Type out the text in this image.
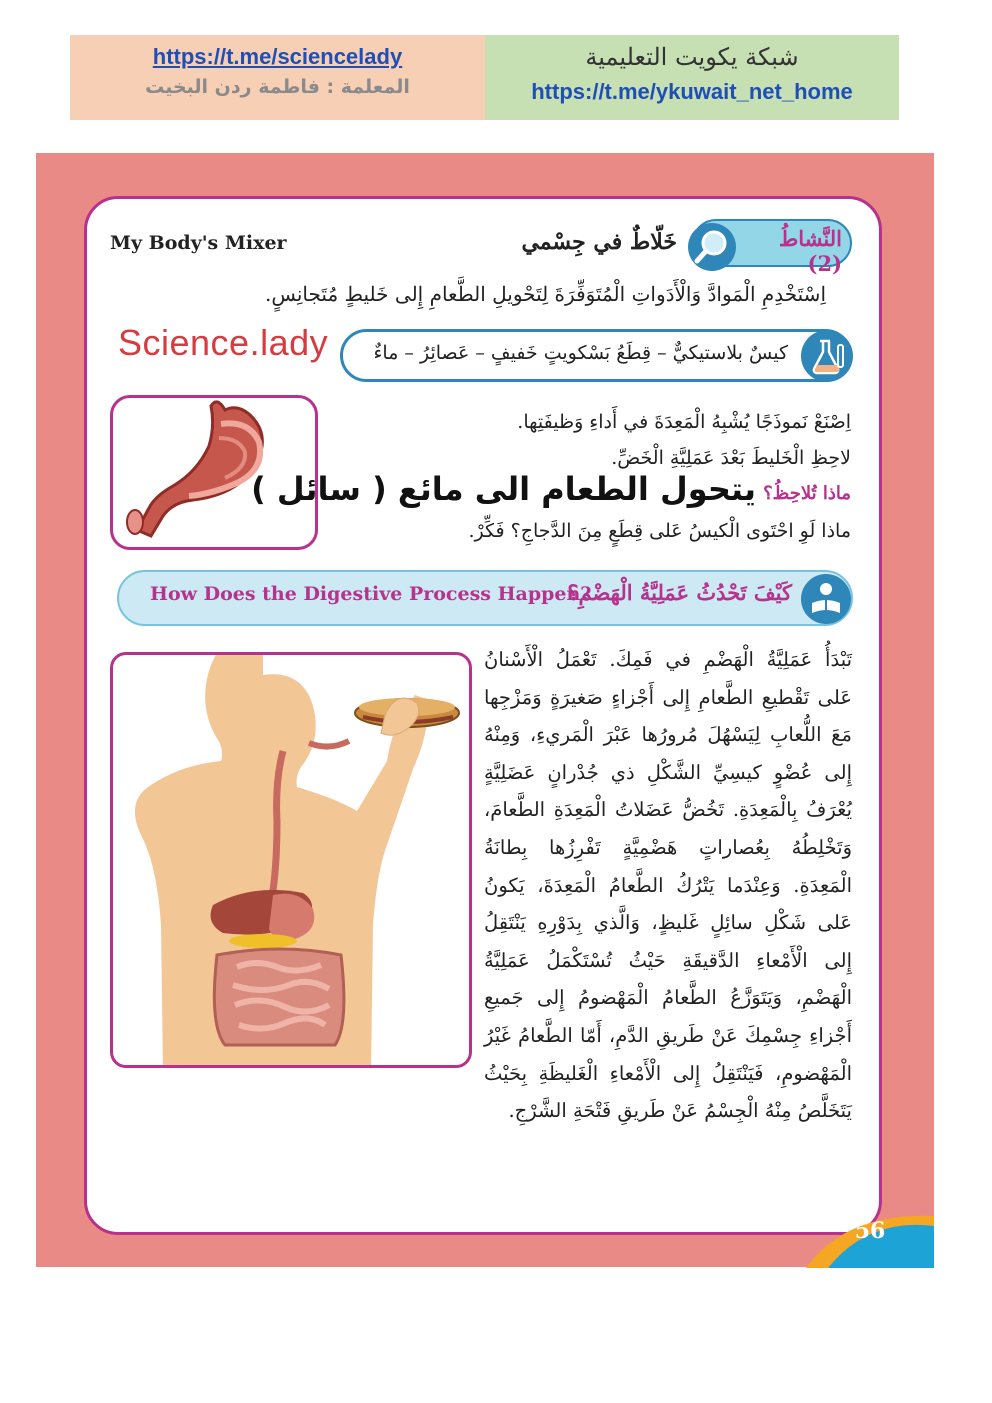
https://t.me/sciencelady
المعلمة : فاطمة ردن البخيت
شبكة يكويت التعليمية
https://t.me/ykuwait_net_home
My Body's Mixer	النَّشاطُ (2)
خَلّاطٌ في جِسْمي
اِسْتَخْدِمِ الْمَوادَّ وَالْأَدَواتِ الْمُتَوَفِّرَةَ لِتَحْويلِ الطَّعامِ إِلى خَليطٍ مُتَجانِسٍ.
Science.lady كيسٌ بلاستيكيٌّ – قِطَعُ بَسْكويتٍ خَفيفٍ – عَصائِرُ – ماءٌ
اِصْنَعْ نَموذَجًا يُشْبِهُ الْمَعِدَةَ في أَداءِ وَظيفَتِها.
لاحِظِ الْخَليطَ بَعْدَ عَمَلِيَّةِ الْخَضِّ.
ماذا تُلاحِظُ؟
يتحول الطعام الى مائع ( سائل )
ماذا لَوِ احْتَوى الْكيسُ عَلى قِطَعٍ مِنَ الدَّجاجِ؟ فَكِّرْ.
How Does the Digestive Process Happen?
كَيْفَ تَحْدُثُ عَمَلِيَّةُ الْهَضْمِ؟
تَبْدَأُ عَمَلِيَّةُ الْهَضْمِ في فَمِكَ. تَعْمَلُ الْأَسْنانُ عَلى تَقْطيعِ الطَّعامِ إِلى أَجْزاءٍ صَغيرَةٍ وَمَزْجِها مَعَ اللُّعابِ لِيَسْهُلَ مُرورُها عَبْرَ الْمَريءِ، وَمِنْهُ إِلى عُضْوٍ كيسِيِّ الشَّكْلِ ذي جُدْرانٍ عَضَلِيَّةٍ يُعْرَفُ بِالْمَعِدَةِ. تَخُضُّ عَضَلاتُ الْمَعِدَةِ الطَّعامَ، وَتَخْلِطُهُ بِعُصاراتٍ هَضْمِيَّةٍ تَفْرِزُها بِطانَةُ الْمَعِدَةِ. وَعِنْدَما يَتْرُكُ الطَّعامُ الْمَعِدَةَ، يَكونُ عَلى شَكْلِ سائِلٍ غَليظٍ، وَالَّذي بِدَوْرِهِ يَنْتَقِلُ إِلى الْأَمْعاءِ الدَّقيقَةِ حَيْثُ تُسْتَكْمَلُ عَمَلِيَّةُ الْهَضْمِ، وَيَتَوَزَّعُ الطَّعامُ الْمَهْضومُ إِلى جَميعِ أَجْزاءِ جِسْمِكَ عَنْ طَريقِ الدَّمِ، أَمّا الطَّعامُ غَيْرُ الْمَهْضومِ، فَيَنْتَقِلُ إِلى الْأَمْعاءِ الْغَليظَةِ بِحَيْثُ يَتَخَلَّصُ مِنْهُ الْجِسْمُ عَنْ طَريقِ فَتْحَةِ الشَّرْجِ.
56
